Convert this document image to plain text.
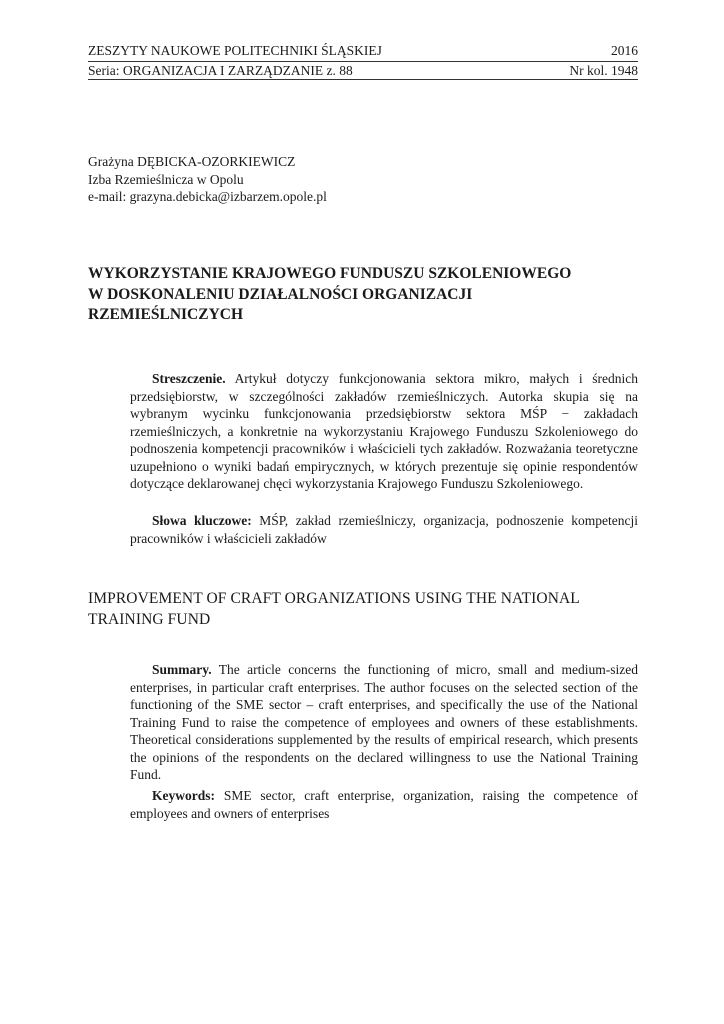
ZESZYTY NAUKOWE POLITECHNIKI ŚLĄSKIEJ	2016
Seria: ORGANIZACJA I ZARZĄDZANIE z. 88	Nr kol. 1948
Grażyna DĘBICKA-OZORKIEWICZ
Izba Rzemieślnicza w Opolu
e-mail: grazyna.debicka@izbarzem.opole.pl
WYKORZYSTANIE KRAJOWEGO FUNDUSZU SZKOLENIOWEGO
W DOSKONALENIU DZIAŁALNOŚCI ORGANIZACJI
RZEMIEŚLNICZYCH

Streszczenie. Artykuł dotyczy funkcjonowania sektora mikro, małych i średnich przedsiębiorstw, w szczególności zakładów rzemieślniczych. Autorka skupia się na wybranym wycinku funkcjonowania przedsiębiorstw sektora MŚP − zakładach rzemieślniczych, a konkretnie na wykorzystaniu Krajowego Funduszu Szkoleniowego do podnoszenia kompetencji pracowników i właścicieli tych zakładów. Rozważania teoretyczne uzupełniono o wyniki badań empirycznych, w których prezentuje się opinie respondentów dotyczące deklarowanej chęci wykorzystania Krajowego Funduszu Szkoleniowego.

Słowa kluczowe: MŚP, zakład rzemieślniczy, organizacja, podnoszenie kompetencji pracowników i właścicieli zakładów

IMPROVEMENT OF CRAFT ORGANIZATIONS USING THE NATIONAL
TRAINING FUND

Summary. The article concerns the functioning of micro, small and medium-sized enterprises, in particular craft enterprises. The author focuses on the selected section of the functioning of the SME sector – craft enterprises, and specifically the use of the National Training Fund to raise the competence of employees and owners of these establishments. Theoretical considerations supplemented by the results of empirical research, which presents the opinions of the respondents on the declared willingness to use the National Training Fund.

Keywords: SME sector, craft enterprise, organization, raising the competence of employees and owners of enterprises
